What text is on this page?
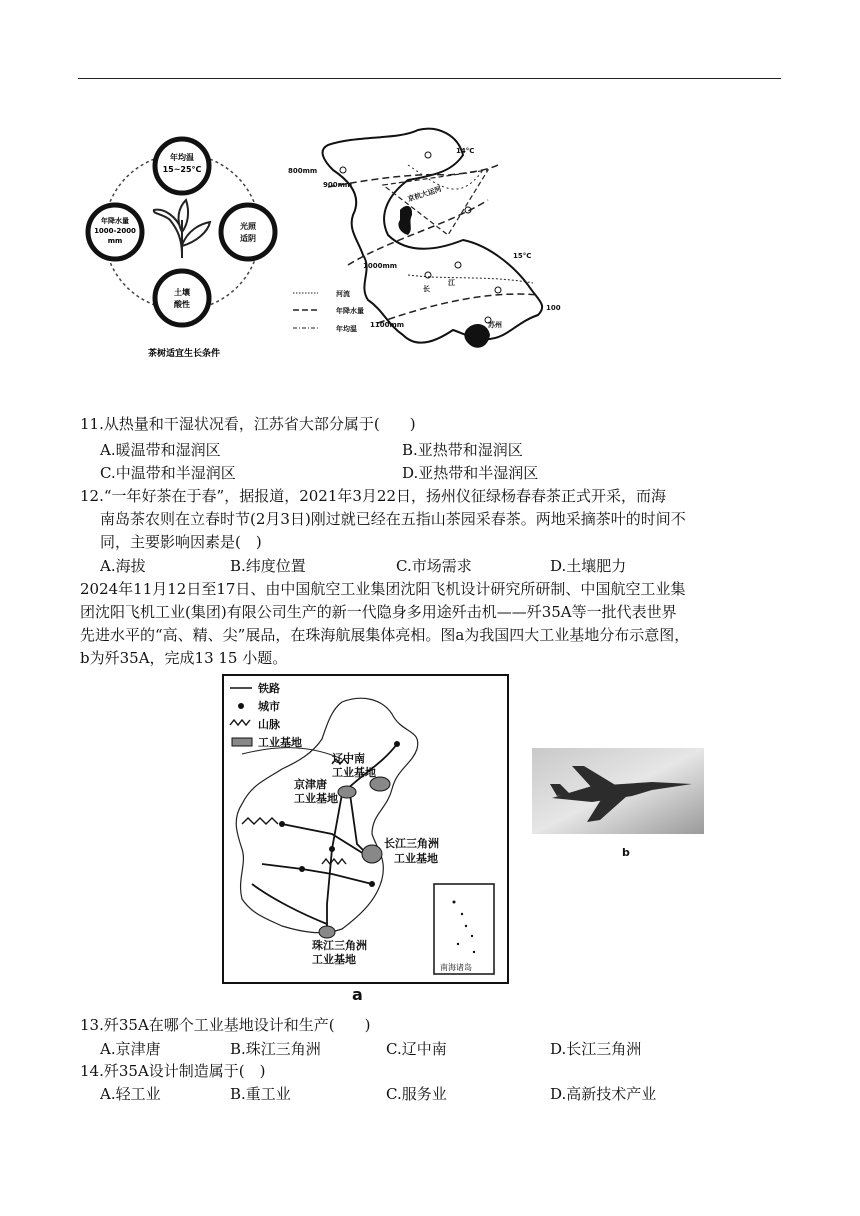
年均温
15~25°C
年降水量
1000-2000
mm
光照
适阴
土壤
酸性
茶树适宜生长条件
800mm
900mm
14°C
15°C
1000mm
1100mm
京杭大运河
长
江
苏州
100
河流
年降水量
年均温
11.从热量和干湿状况看，江苏省大部分属于(　　)
A.暖温带和湿润区	B.亚热带和湿润区
C.中温带和半湿润区	D.亚热带和半湿润区
12.“一年好茶在于春”，据报道，2021年3月22日，扬州仪征绿杨春春茶正式开采，而海
南岛茶农则在立春时节(2月3日)刚过就已经在五指山茶园采春茶。两地采摘茶叶的时间不
同，主要影响因素是(　)
A.海拔	B.纬度位置	C.市场需求	D.土壤肥力
2024年11月12日至17日、由中国航空工业集团沈阳飞机设计研究所研制、中国航空工业集
团沈阳飞机工业(集团)有限公司生产的新一代隐身多用途歼击机——歼35A等一批代表世界
先进水平的“高、精、尖”展品，在珠海航展集体亮相。图a为我国四大工业基地分布示意图，
b为歼35A，完成13 15 小题。
铁路
城市
山脉
工业基地
辽中南
工业基地
京津唐
工业基地
长江三角洲
工业基地
珠江三角洲
工业基地
南海诸岛
a
b
13.歼35A在哪个工业基地设计和生产(　　)
A.京津唐	B.珠江三角洲	C.辽中南	D.长江三角洲
14.歼35A设计制造属于(　)
A.轻工业	B.重工业	C.服务业	D.高新技术产业
